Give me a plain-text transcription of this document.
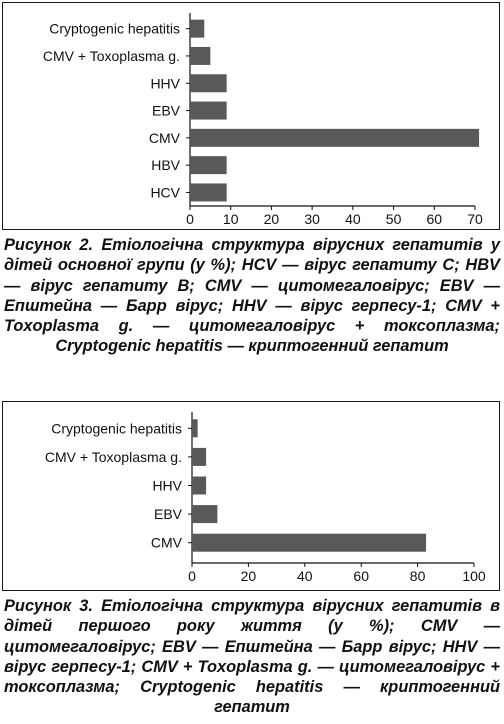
Cryptogenic hepatitis
CMV + Toxoplasma g.
HHV
EBV
CMV
HBV
HCV
0 10 20 30 40 50 60 70

Рисунок 2. Етіологічна структура вірусних гепатитів у дітей основної групи (у %); HCV — вірус гепатиту С; HBV — вірус гепатиту В; CMV — цитомегаловірус; EBV — Епштейна — Барр вірус; HHV — вірус герпесу-1; CMV + Toxoplasma g. — цитомегаловірус + токсоплазма; Cryptogenic hepatitis — криптогенний гепатит

Cryptogenic hepatitis
CMV + Toxoplasma g.
HHV
EBV
CMV
0	20	40	60	80	100

Рисунок 3. Етіологічна структура вірусних гепатитів в дітей першого року життя (у %); CMV — цитомегаловірус; EBV — Епштейна — Барр вірус; HHV — вірус герпесу-1; CMV + Toxoplasma g. — цитомегаловірус + токсоплазма; Cryptogenic hepatitis — криптогенний гепатит
